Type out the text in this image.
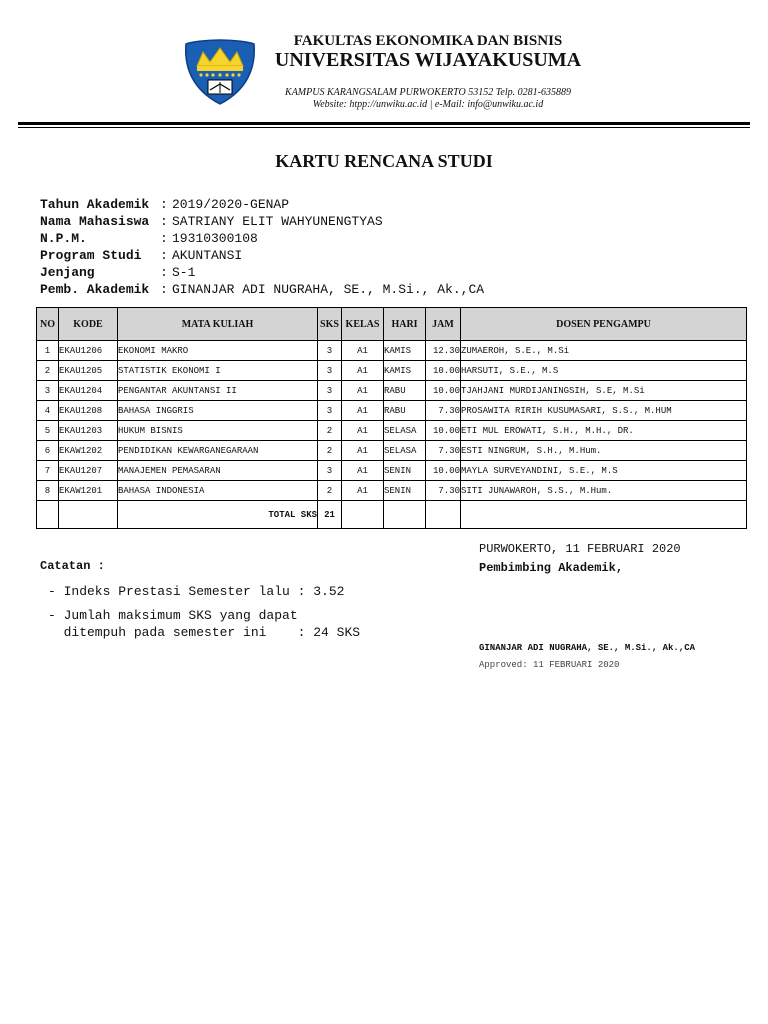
FAKULTAS EKONOMIKA DAN BISNIS
UNIVERSITAS WIJAYAKUSUMA
KAMPUS KARANGSALAM PURWOKERTO 53152 Telp. 0281-635889
Website: htpp://unwiku.ac.id | e-Mail: info@unwiku.ac.id
KARTU RENCANA STUDI
Tahun Akademik : 2019/2020-GENAP
Nama Mahasiswa : SATRIANY ELIT WAHYUNENGTYAS
N.P.M.	: 19310300108
Program Studi	: AKUNTANSI
Jenjang	: S-1
Pemb. Akademik : GINANJAR ADI NUGRAHA, SE., M.Si., Ak.,CA
NO	KODE	MATA KULIAH	SKS	KELAS	HARI	JAM	DOSEN PENGAMPU
1	EKAU1206	EKONOMI MAKRO	3	A1	KAMIS	12.30	ZUMAEROH, S.E., M.Si
2	EKAU1205	STATISTIK EKONOMI I	3	A1	KAMIS	10.00	HARSUTI, S.E., M.S
3	EKAU1204	PENGANTAR AKUNTANSI II	3	A1	RABU	10.00	TJAHJANI MURDIJANINGSIH, S.E, M.Si
4	EKAU1208	BAHASA INGGRIS	3	A1	RABU	7.30	PROSAWITA RIRIH KUSUMASARI, S.S., M.HUM
5	EKAU1203	HUKUM BISNIS	2	A1	SELASA	10.00	ETI MUL EROWATI, S.H., M.H., DR.
6	EKAW1202	PENDIDIKAN KEWARGANEGARAAN	2	A1	SELASA	7.30	ESTI NINGRUM, S.H., M.Hum.
7	EKAU1207	MANAJEMEN PEMASARAN	3	A1	SENIN	10.00	MAYLA SURVEYANDINI, S.E., M.S
8	EKAW1201	BAHASA INDONESIA	2	A1	SENIN	7.30	SITI JUNAWAROH, S.S., M.Hum.
		TOTAL SKS	21				
Catatan :
- Indeks Prestasi Semester lalu : 3.52
- Jumlah maksimum SKS yang dapat
ditempuh pada semester ini    : 24 SKS
PURWOKERTO, 11 FEBRUARI 2020
Pembimbing Akademik,
GINANJAR ADI NUGRAHA, SE., M.Si., Ak.,CA
Approved: 11 FEBRUARI 2020
